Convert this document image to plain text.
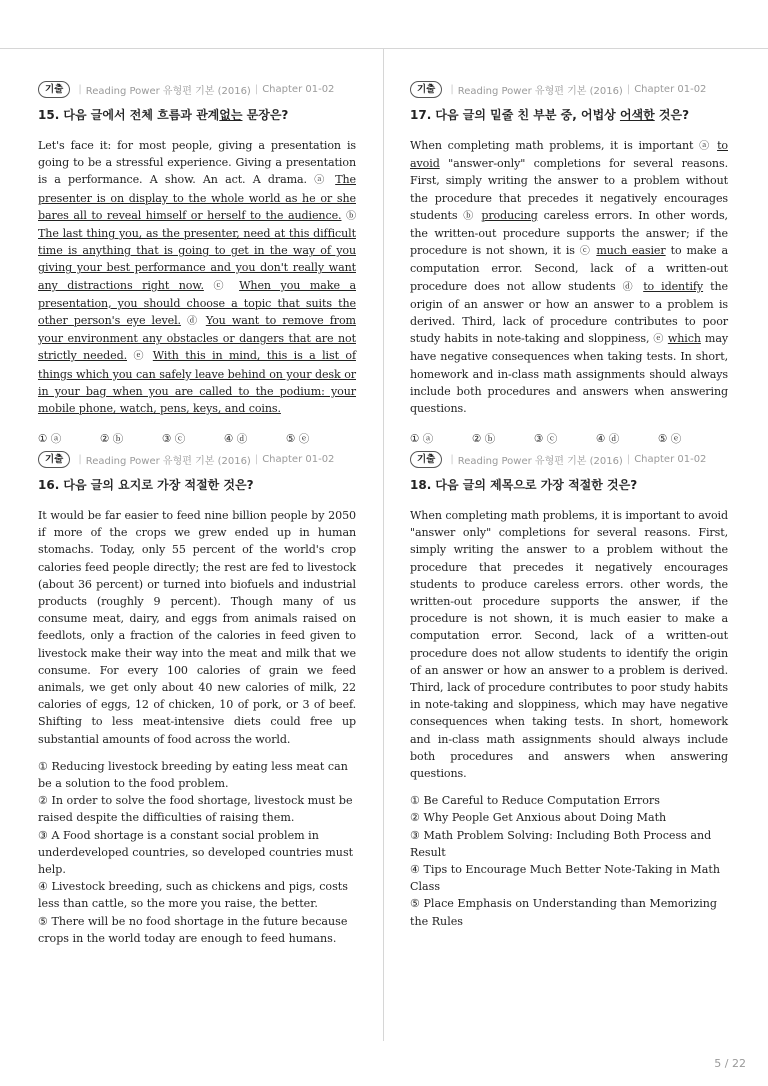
기출	| Reading Power 유형편 기본 (2016) | Chapter 01-02
15. 다음 글에서 전체 흐름과 관계없는 문장은?

Let's face it: for most people, giving a presentation is going to be a stressful experience. Giving a presentation is a performance. A show. An act. A drama. ⓐ The presenter is on display to the whole world as he or she bares all to reveal himself or herself to the audience. ⓑ The last thing you, as the presenter, need at this difficult time is anything that is going to get in the way of you giving your best performance and you don't really want any distractions right now. ⓒ When you make a presentation, you should choose a topic that suits the other person's eye level. ⓓ You want to remove from your environment any obstacles or dangers that are not strictly needed. ⓔ With this in mind, this is a list of things which you can safely leave behind on your desk or in your bag when you are called to the podium: your mobile phone, watch, pens, keys, and coins.

① ⓐ	② ⓑ	③ ⓒ	④ ⓓ	⑤ ⓔ
기출	| Reading Power 유형편 기본 (2016) | Chapter 01-02
17. 다음 글의 밑줄 친 부분 중, 어법상 어색한 것은?

When completing math problems, it is important ⓐ to avoid "answer-only" completions for several reasons. First, simply writing the answer to a problem without the procedure that precedes it negatively encourages students ⓑ producing careless errors. In other words, the written-out procedure supports the answer; if the procedure is not shown, it is ⓒ much easier to make a computation error. Second, lack of a written-out procedure does not allow students ⓓ to identify the origin of an answer or how an answer to a problem is derived. Third, lack of procedure contributes to poor study habits in note-taking and sloppiness, ⓔ which may have negative consequences when taking tests. In short, homework and in-class math assignments should always include both procedures and answers when answering questions.

① ⓐ	② ⓑ	③ ⓒ	④ ⓓ	⑤ ⓔ
기출	| Reading Power 유형편 기본 (2016) | Chapter 01-02
16. 다음 글의 요지로 가장 적절한 것은?

It would be far easier to feed nine billion people by 2050 if more of the crops we grew ended up in human stomachs. Today, only 55 percent of the world's crop calories feed people directly; the rest are fed to livestock (about 36 percent) or turned into biofuels and industrial products (roughly 9 percent). Though many of us consume meat, dairy, and eggs from animals raised on feedlots, only a fraction of the calories in feed given to livestock make their way into the meat and milk that we consume. For every 100 calories of grain we feed animals, we get only about 40 new calories of milk, 22 calories of eggs, 12 of chicken, 10 of pork, or 3 of beef. Shifting to less meat-intensive diets could free up substantial amounts of food across the world.

① Reducing livestock breeding by eating less meat can be a solution to the food problem.
② In order to solve the food shortage, livestock must be raised despite the difficulties of raising them.
③ A Food shortage is a constant social problem in underdeveloped countries, so developed countries must help.
④ Livestock breeding, such as chickens and pigs, costs less than cattle, so the more you raise, the better.
⑤ There will be no food shortage in the future because crops in the world today are enough to feed humans.
기출	| Reading Power 유형편 기본 (2016) | Chapter 01-02
18. 다음 글의 제목으로 가장 적절한 것은?

When completing math problems, it is important to avoid "answer only" completions for several reasons. First, simply writing the answer to a problem without the procedure that precedes it negatively encourages students to produce careless errors. other words, the written-out procedure supports the answer, if the procedure is not shown, it is much easier to make a computation error. Second, lack of a written-out procedure does not allow students to identify the origin of an answer or how an answer to a problem is derived. Third, lack of procedure contributes to poor study habits in note-taking and sloppiness, which may have negative consequences when taking tests. In short, homework and in-class math assignments should always include both procedures and answers when answering questions.

① Be Careful to Reduce Computation Errors
② Why People Get Anxious about Doing Math
③ Math Problem Solving: Including Both Process and Result
④ Tips to Encourage Much Better Note-Taking in Math Class
⑤ Place Emphasis on Understanding than Memorizing the Rules
5 / 22
